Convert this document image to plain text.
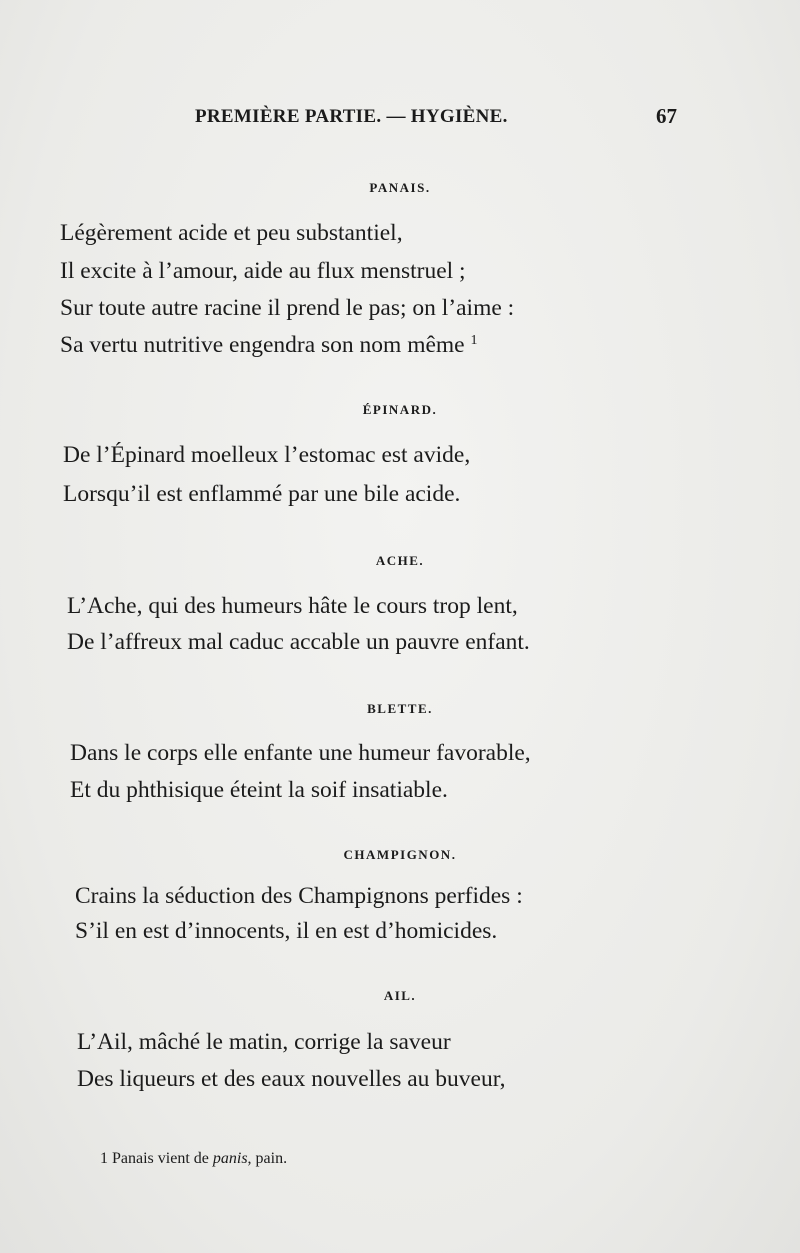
PREMIÈRE PARTIE. — HYGIÈNE.	67
PANAIS.
Légèrement acide et peu substantiel,
Il excite à l’amour, aide au flux menstruel ;
Sur toute autre racine il prend le pas; on l’aime :
Sa vertu nutritive engendra son nom même $^1$
ÉPINARD.
De l’Épinard moelleux l’estomac est avide,
Lorsqu’il est enflammé par une bile acide.
ACHE.
L’Ache, qui des humeurs hâte le cours trop lent,
De l’affreux mal caduc accable un pauvre enfant.
BLETTE.
Dans le corps elle enfante une humeur favorable,
Et du phthisique éteint la soif insatiable.
CHAMPIGNON.
Crains la séduction des Champignons perfides :
S’il en est d’innocents, il en est d’homicides.
AIL.
L’Ail, mâché le matin, corrige la saveur
Des liqueurs et des eaux nouvelles au buveur,
1 Panais vient de panis, pain.
